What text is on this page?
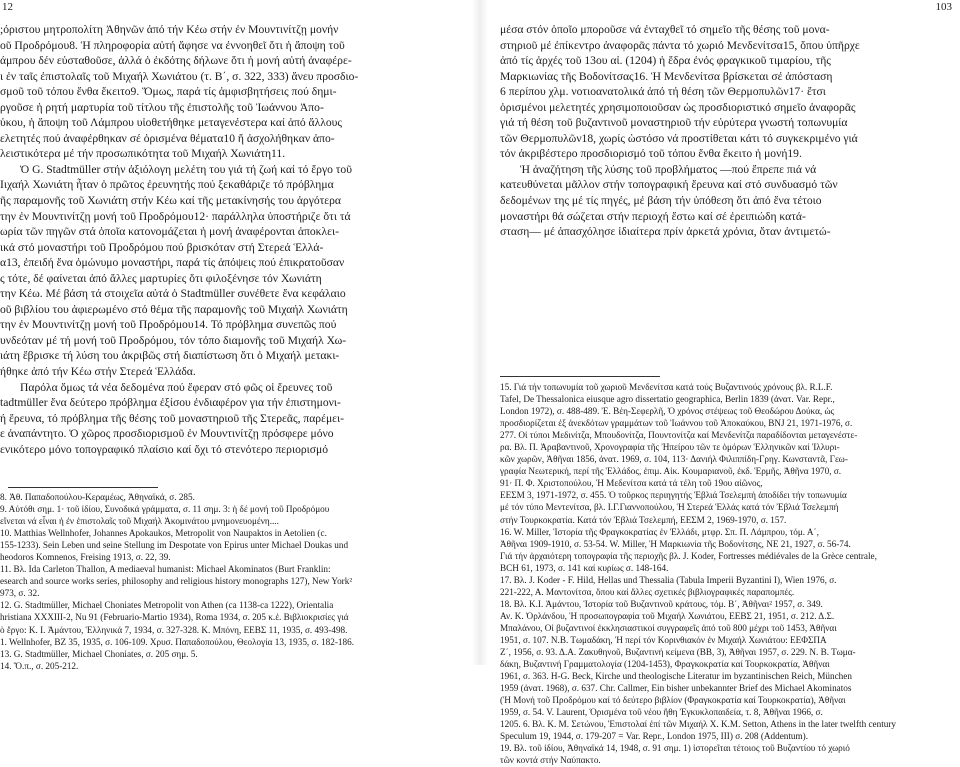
12
;όριστου μητροπολίτη Ἀθηνῶν ἀπό τήν Κέω στήν ἐν Μουντινίτζῃ μονήν
οῦ Προδρόμου8. Ἡ πληροφορία αὐτή ἄφησε να ἐννοηθεῖ ὅτι ἡ ἄποψη τοῦ
άμπρου δέν εὐσταθοῦσε, ἀλλά ὁ ἐκδότης δήλωνε ὅτι ἡ μονή αὐτή ἀναφέρε-
ι ἐν ταῖς ἐπιστολαῖς τοῦ Μιχαήλ Χωνιάτου (τ. Β΄, σ. 322, 333) ἄνευ προσδιο-
σμοῦ τοῦ τόπου ἔνθα ἔκειτο9. Ὅμως, παρά τίς ἀμφισβητήσεις πού δημι-
ργοῦσε ἡ ρητή μαρτυρία τοῦ τίτλου τῆς ἐπιστολῆς τοῦ Ἰωάννου Ἀπο-
ὐκου, ἡ ἄποψη τοῦ Λάμπρου υἱοθετήθηκε μεταγενέστερα καί ἀπό ἄλλους
ελετητές πού ἀναφέρθηκαν σέ ὁρισμένα θέματα10 ἤ ἀσχολήθηκαν ἀπο-
λειστικότερα μέ τήν προσωπικότητα τοῦ Μιχαήλ Χωνιάτη11.
Ὁ G. Stadtmüller στήν ἀξιόλογη μελέτη του γιά τή ζωή καί τό ἔργο τοῦ
Ιιχαήλ Χωνιάτη ἦταν ὁ πρῶτος ἐρευνητής πού ξεκαθάριζε τό πρόβλημα
ῆς παραμονῆς τοῦ Χωνιάτη στήν Κέω καί τῆς μετακίνησής του ἀργότερα
την ἐν Μουντινίτζῃ μονή τοῦ Προδρόμου12· παράλληλα ὑποστήριζε ὅτι τά
ωρία τῶν πηγῶν στά ὁποῖα κατονομάζεται ἡ μονή ἀναφέρονται ἀποκλει-
ικά στό μοναστήρι τοῦ Προδρόμου πού βρισκόταν στή Στερεά Ἑλλά-
α13, ἐπειδή ἕνα ὁμώνυμο μοναστήρι, παρά τίς ἀπόψεις πού ἐπικρατοῦσαν
ς τότε, δέ φαίνεται ἀπό ἄλλες μαρτυρίες ὅτι φιλοξένησε τόν Χωνιάτη
την Κέω. Μέ βάση τά στοιχεῖα αὐτά ὁ Stadtmüller συνέθετε ἕνα κεφάλαιο
οῦ βιβλίου του ἀφιερωμένο στό θέμα τῆς παραμονῆς τοῦ Μιχαήλ Χωνιάτη
την ἐν Μουντινίτζῃ μονή τοῦ Προδρόμου14. Τό πρόβλημα συνεπῶς πού
υνδεόταν μέ τή μονή τοῦ Προδρόμου, τόν τόπο διαμονῆς τοῦ Μιχαήλ Χω-
ιάτη ἔβρισκε τή λύση του ἀκριβῶς στή διαπίστωση ὅτι ὁ Μιχαήλ μετακι-
ήθηκε ἀπό τήν Κέω στήν Στερεά Ἑλλάδα.
Παρόλα ὅμως τά νέα δεδομένα πού ἔφεραν στό φῶς οἱ ἔρευνες τοῦ
tadtmüller ἕνα δεύτερο πρόβλημα ἐξίσου ἐνδιαφέρον για τήν ἐπιστημονι-
ή ἔρευνα, τό πρόβλημα τῆς θέσης τοῦ μοναστηριοῦ τῆς Στερεᾶς, παρέμει-
ε ἀναπάντητο. Ὁ χῶρος προσδιορισμοῦ ἐν Μουντινίτζῃ πρόσφερε μόνο
ενικότερο μόνο τοπογραφικό πλαίσιο καί ὄχι τό στενότερο περιορισμό
8. Ἀθ. Παπαδοπούλου-Κεραμέως, Ἀθηναϊκά, σ. 285.
9. Αὐτόθι σημ. 1· τοῦ ἰδίου, Συνοδικά γράμματα, σ. 11 σημ. 3: ἡ δέ μονή τοῦ Προδρόμου
εἴνεται νά εἶναι ἡ ἐν ἐπιστολαῖς τοῦ Μιχαήλ Ἀκομινάτου μνημονευομένη....
10. Matthias Wellnhofer, Johannes Apokaukos, Metropolit von Naupaktos in Aetolien (c.
155-1233). Sein Leben und seine Stellung im Despotate von Epirus unter Michael Doukas und
heodoros Komnenos, Freising 1913, σ. 22, 39.
11. Βλ. Ida Carleton Thallon, A mediaeval humanist: Michael Akominatos (Burt Franklin:
esearch and source works series, philosophy and religious history monographs 127), New York²
973, σ. 32.
12. G. Stadtmüller, Michael Choniates Metropolit von Athen (ca 1138-ca 1222), Orientalia
hristiana XXXIII-2, Nu 91 (Februario-Martio 1934), Roma 1934, σ. 205 κ.ἑ. Βιβλιοκρισίες γιά
ὸ ἔργο: Κ. Ι. Ἀμάντου, Ἑλληνικά 7, 1934, σ. 327-328. Κ. Μπόνη, ΕΕΒΣ 11, 1935, σ. 493-498.
1. Wellnhofer, BZ 35, 1935, σ. 106-109. Χρυσ. Παπαδοπούλου, Θεολογία 13, 1935, σ. 182-186.
13. G. Stadtmüller, Michael Choniates, σ. 205 σημ. 5.
14. Ὅ.π., σ. 205-212.
103
μέσα στόν ὁποῖο μποροῦσε νά ἐνταχθεῖ τό σημεῖο τῆς θέσης τοῦ μονα-
στηριοῦ μέ ἐπίκεντρο ἀναφορᾶς πάντα τό χωριό Μενδενίτσα15, ὅπου ὑπῆρχε
ἀπό τίς ἀρχές τοῦ 13ου αἰ. (1204) ἡ ἕδρα ἐνός φραγκικοῦ τιμαρίου, τῆς
Μαρκιωνίας τῆς Βοδονίτσας16. Ἡ Μενδενίτσα βρίσκεται σέ ἀπόσταση
6 περίπου χλμ. νοτιοανατολικά ἀπό τή θέση τῶν Θερμοπυλῶν17· ἔτσι
ὁρισμένοι μελετητές χρησιμοποιοῦσαν ὡς προσδιοριστικό σημεῖο ἀναφορᾶς
γιά τή θέση τοῦ βυζαντινοῦ μοναστηριοῦ τήν εὐρύτερα γνωστή τοπωνυμία
τῶν Θερμοπυλῶν18, χωρίς ὡστόσο νά προστίθεται κάτι τό συγκεκριμένο γιά
τόν ἀκριβέστερο προσδιορισμό τοῦ τόπου ἔνθα ἔκειτο ἡ μονή19.
Ἡ ἀναζήτηση τῆς λύσης τοῦ προβλήματος —πού ἔπρεπε πιά νά
κατευθύνεται μᾶλλον στήν τοπογραφική ἔρευνα καί στό συνδυασμό τῶν
δεδομένων της μέ τίς πηγές, μέ βάση τήν ὑπόθεση ὅτι ἀπό ἕνα τέτοιο
μοναστήρι θά σώζεται στήν περιοχή ἔστω καί σέ ἐρειπιώδη κατά-
σταση— μέ ἀπασχόλησε ἰδιαίτερα πρίν ἀρκετά χρόνια, ὅταν ἀντιμετώ-
15. Γιά τήν τοπωνυμία τοῦ χωριοῦ Μενδενίτσα κατά τούς Βυζαντινούς χρόνους βλ. R.L.F.
Tafel, De Thessalonica eiusque agro dissertatio geographica, Berlin 1839 (ἀνατ. Var. Repr.,
London 1972), σ. 488-489. Ἐ. Βέη-Σεφερλῆ, Ὁ χρόνος στέψεως τοῦ Θεοδώρου Δούκα, ὡς
προσδιορίζεται ἐξ ἀνεκδότων γραμμάτων τοῦ Ἰωάννου τοῦ Ἀποκαύκου, ΒΝJ 21, 1971-1976, σ.
277. Οἱ τύποι Μεδινίτζα, Μπουδονίτζα, Πουντονίτζα καί Μενδενίτζα παραδίδονται μεταγενέστε-
ρα. Βλ. Π. Ἀραβαντινοῦ, Χρονογραφία τῆς Ἠπείρου τῶν τε ὁμόρων Ἑλληνικῶν καί Ἰλλυρι-
κῶν χωρῶν, Ἀθῆναι 1856, ἀνατ. 1969, σ. 104, 113· Δανιήλ Φιλιππίδη-Γρηγ. Κωνσταντᾶ, Γεω-
γραφία Νεωτερική, περί τῆς Ἑλλάδος, ἐπιμ. Αἰκ. Κουμαριανοῦ, ἐκδ. Ἑρμῆς, Ἀθῆνα 1970, σ.
91· Π. Φ. Χριστοπούλου, Ἡ Μεδενίτσα κατά τά τέλη τοῦ 19ου αἰῶνος,
ΕΕΣΜ 3, 1971-1972, σ. 455. Ὁ τοῦρκος περιηγητής Ἐβλιά Τσελεμπή ἀποδίδει τήν τοπωνυμία
μέ τόν τύπο Μεντενίτσα, βλ. Ι.Γ.Γιαννοπούλου, Ἡ Στερεά Ἑλλάς κατά τόν Ἐβλιά Τσελεμπή
στήν Τουρκοκρατία. Κατά τόν Ἐβλιά Τσελεμπή, ΕΕΣΜ 2, 1969-1970, σ. 157.
16. W. Miller, Ἱστορία τῆς Φραγκοκρατίας ἐν Ἑλλάδι, μτφρ. Σπ. Π. Λάμπρου, τόμ. Α΄,
Ἀθῆναι 1909-1910, σ. 53-54. W. Miller, Ἡ Μαρκιωνία τῆς Βοδονίτσης, ΝΕ 21, 1927, σ. 56-74.
Γιά τήν ἀρχαιότερη τοπογραφία τῆς περιοχῆς βλ. J. Koder, Fortresses médiévales de la Grèce centrale,
BCH 61, 1973, σ. 141 καί κυρίως σ. 148-164.
17. Βλ. J. Koder - F. Hild, Hellas und Thessalia (Tabula Imperii Byzantini I), Wien 1976, σ.
221-222, Α. Μαντονίτσα, ὅπου καί ἄλλες σχετικές βιβλιογραφικές παραπομπές.
18. Βλ. Κ.Ι. Ἀμάντου, Ἱστορία τοῦ Βυζαντινοῦ κράτους, τόμ. Β΄, Ἀθῆναι² 1957, σ. 349.
Αν. Κ. Ὀρλάνδου, Ἡ προσωπογραφία τοῦ Μιχαήλ Χωνιάτου, ΕΕΒΣ 21, 1951, σ. 212. Δ.Σ.
Μπαλάνου, Οἱ βυζαντινοί ἐκκλησιαστικοί συγγραφεῖς ἀπό τοῦ 800 μέχρι τοῦ 1453, Ἀθῆναι
1951, σ. 107. Ν.Β. Τωμαδάκη, Ἡ περί τόν Κορινθιακόν ἐν Μιχαήλ Χωνιάτου: ΕΕΦΣΠΑ
Ζ΄, 1956, σ. 93. Δ.Α. Ζακυθηνοῦ, Βυζαντινή κείμενα (BB, 3), Ἀθῆναι 1957, σ. 229. Ν. Β. Τωμα-
δάκη, Βυζαντινή Γραμματολογία (1204-1453), Φραγκοκρατία καί Τουρκοκρατία, Ἀθῆναι
1961, σ. 363. H-G. Beck, Kirche und theologische Literatur im byzantinischen Reich, München
1959 (ἀνατ. 1968), σ. 637. Chr. Callmer, Ein bisher unbekannter Brief des Michael Akominatos
(Ἡ Μονή τοῦ Προδρόμου καί τό δεύτερο βιβλίον (Φραγκοκρατία καί Τουρκοκρατία), Ἀθῆναι
1959, σ. 54. V. Laurent, Ὁρισμένα τοῦ νέου ἥθη Ἐγκυκλοπαιδεία, τ. 8, Ἀθῆναι 1966, σ.
1205. 6. Βλ. Κ. Μ. Σετώνου, Ἐπιστολαί ἐπί τῶν Μιχαήλ Χ. K.M. Setton, Athens in the later twelfth century
Speculum 19, 1944, σ. 179-207 = Var. Repr., London 1975, III) σ. 208 (Addentum).
19. Βλ. τοῦ ἰδίου, Ἀθηναϊκά 14, 1948, σ. 91 σημ. 1) ἱστορεῖται τέτοιος τοῦ Βυζαντίου τό χωριό
τῶν κοντά στήν Ναύπακτο.
